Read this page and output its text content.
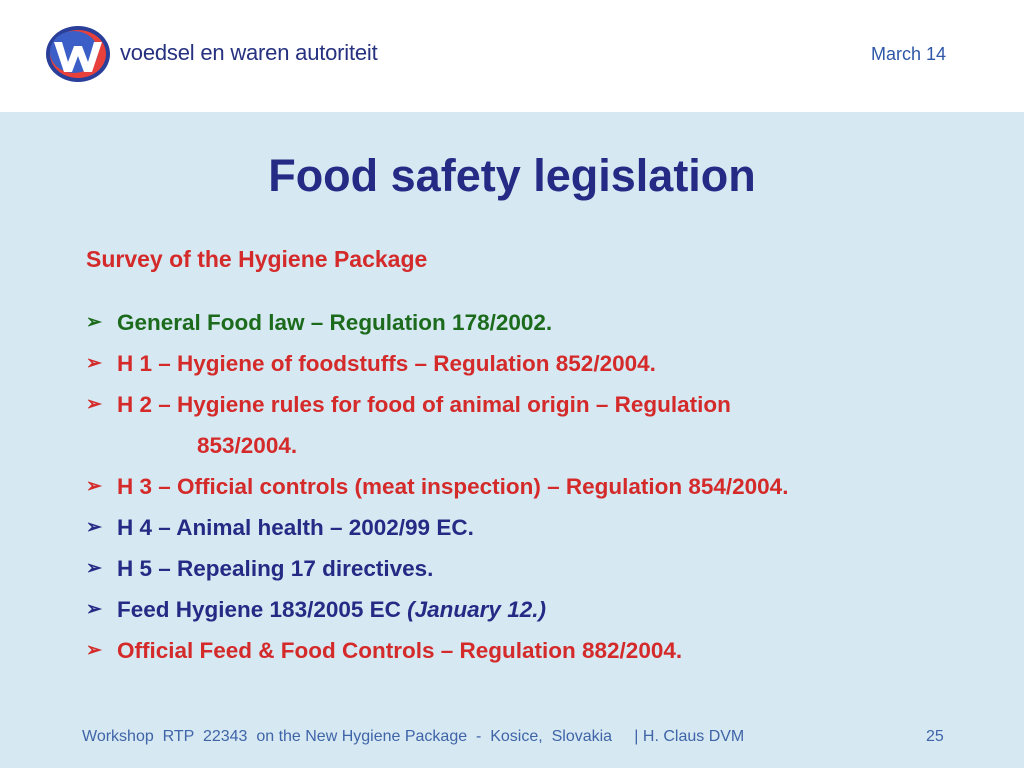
voedsel en waren autoriteit	March 14
Food safety legislation
Survey of the Hygiene Package
➢ General Food law – Regulation 178/2002.
➢ H 1 – Hygiene of foodstuffs – Regulation 852/2004.
➢ H 2 – Hygiene rules for food of animal origin – Regulation
853/2004.
➢ H 3 – Official controls (meat inspection) – Regulation 854/2004.
➢ H 4 – Animal health – 2002/99 EC.
➢ H 5 – Repealing 17 directives.
➢ Feed Hygiene 183/2005 EC (January 12.)
➢ Official Feed & Food Controls – Regulation 882/2004.
Workshop  RTP  22343  on the New Hygiene Package  -  Kosice,  Slovakia     | H. Claus DVM	25
